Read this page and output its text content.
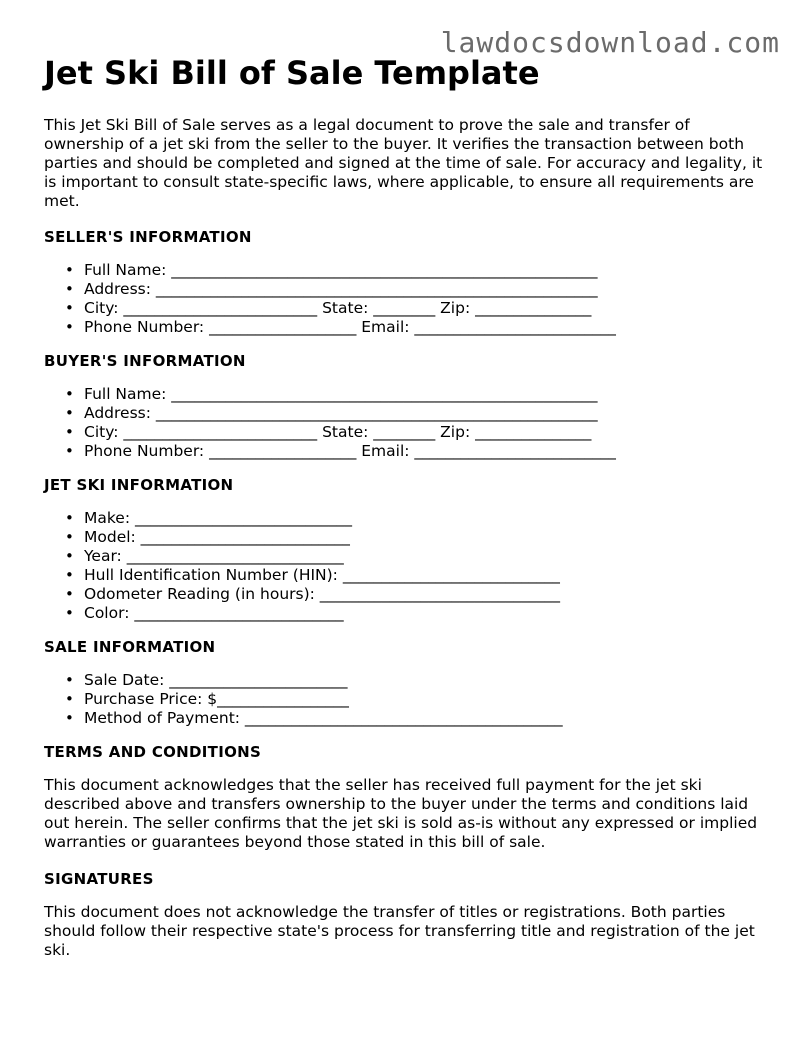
lawdocsdownload.com

Jet Ski Bill of Sale Template

This Jet Ski Bill of Sale serves as a legal document to prove the sale and transfer of ownership of a jet ski from the seller to the buyer. It verifies the transaction between both parties and should be completed and signed at the time of sale. For accuracy and legality, it is important to consult state-specific laws, where applicable, to ensure all requirements are met.

SELLER'S INFORMATION
• Full Name: _______________________________________________________
• Address: _________________________________________________________
• City: _________________________ State: ________ Zip: _______________
• Phone Number: ___________________ Email: __________________________
BUYER'S INFORMATION
• Full Name: _______________________________________________________
• Address: _________________________________________________________
• City: _________________________ State: ________ Zip: _______________
• Phone Number: ___________________ Email: __________________________
JET SKI INFORMATION
• Make: ____________________________
• Model: ___________________________
• Year: ____________________________
• Hull Identification Number (HIN): ____________________________
• Odometer Reading (in hours): _______________________________
• Color: ___________________________
SALE INFORMATION
• Sale Date: _______________________
• Purchase Price: $_________________
• Method of Payment: _________________________________________
TERMS AND CONDITIONS

This document acknowledges that the seller has received full payment for the jet ski described above and transfers ownership to the buyer under the terms and conditions laid out herein. The seller confirms that the jet ski is sold as-is without any expressed or implied warranties or guarantees beyond those stated in this bill of sale.

SIGNATURES

This document does not acknowledge the transfer of titles or registrations. Both parties should follow their respective state's process for transferring title and registration of the jet ski.
